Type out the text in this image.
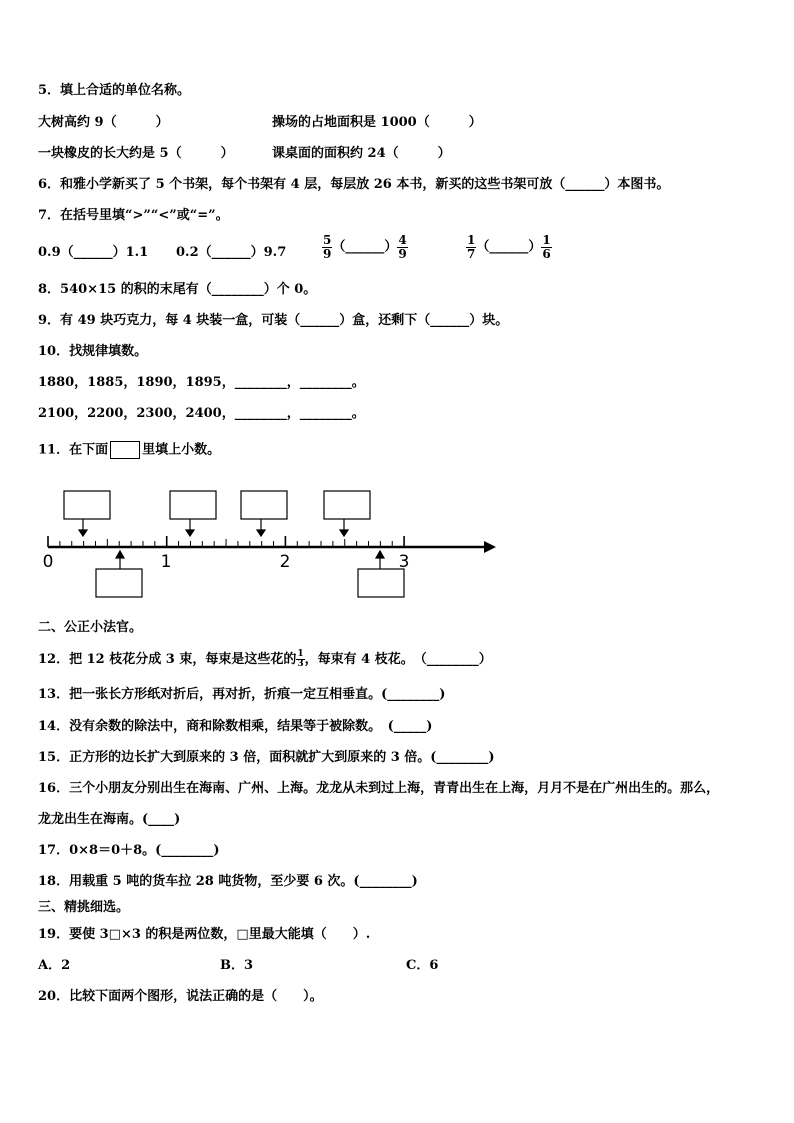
5．填上合适的单位名称。
大树高约 9（　　　）	操场的占地面积是 1000（　　　）
一块橡皮的长大约是 5（　　　）	课桌面的面积约 24（　　　）
6．和雅小学新买了 5 个书架，每个书架有 4 层，每层放 26 本书，新买的这些书架可放（______）本图书。
7．在括号里填“>”“<”或“=”。
0.9（______）1.1 0.2（______）9.7	$\frac{5}{9}$ （______） $\frac{4}{9}$	$\frac{1}{7}$ （______） $\frac{1}{6}$
8．540×15 的积的末尾有（________）个 0。
9．有 49 块巧克力，每 4 块装一盒，可装（______）盒，还剩下（______）块。
10．找规律填数。
1880，1885，1890，1895，________，________。
2100，2200，2300，2400，________，________。
11．在下面	里填上小数。
0	1	2	3
二、公正小法官。
12．把 12 枝花分成 3 束，每束是这些花的 $\frac{1}{3}$ ，每束有 4 枝花。　（________）
13．把一张长方形纸对折后，再对折，折痕一定互相垂直。(________)
14．没有余数的除法中，商和除数相乘，结果等于被除数。　(_____)
15．正方形的边长扩大到原来的 3 倍，面积就扩大到原来的 3 倍。(________)
16．三个小朋友分别出生在海南、广州、上海。龙龙从未到过上海，青青出生在上海，月月不是在广州出生的。那么，
龙龙出生在海南。(____)
17．0×8＝0＋8。(________)
18．用载重 5 吨的货车拉 28 吨货物，至少要 6 次。(________)
三、精挑细选。
19．要使 3□×3 的积是两位数，□里最大能填（　　）.
A．2	B．3	C．6
20．比较下面两个图形，说法正确的是（　　）。
